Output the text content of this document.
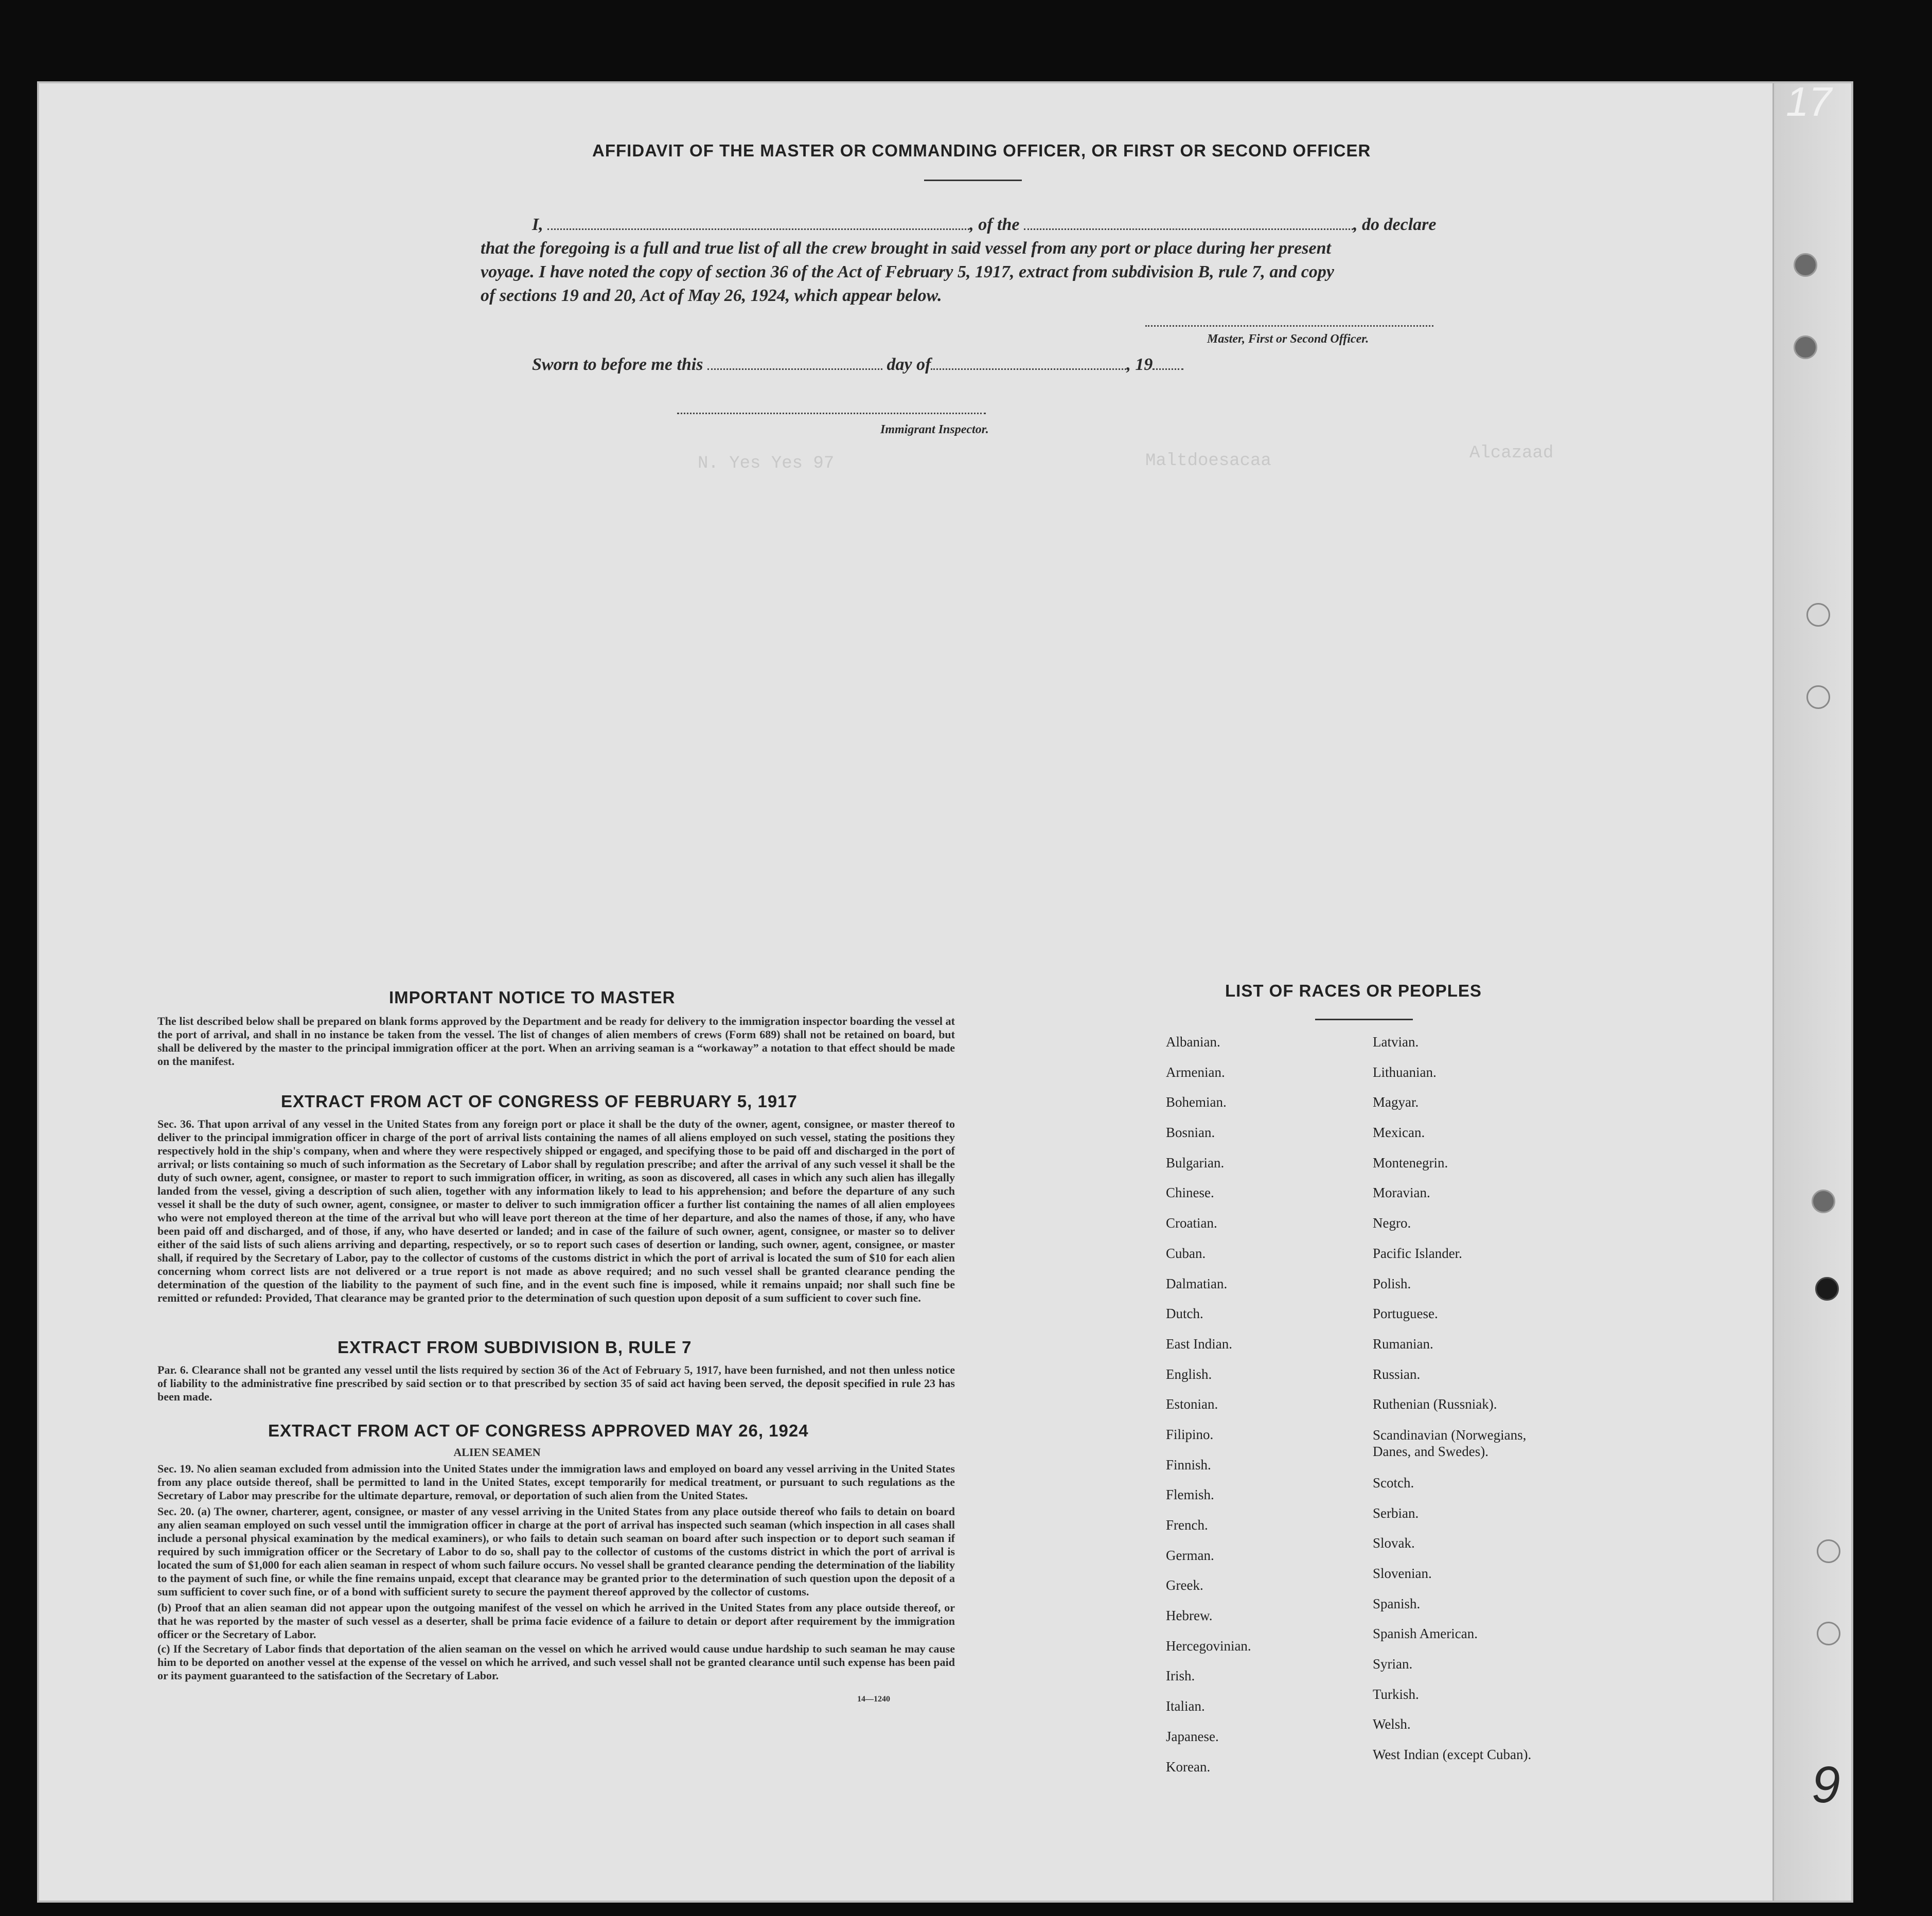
N. Yes Yes 97	Maltdoesacaa	Alcazaad
AFFIDAVIT OF THE MASTER OR COMMANDING OFFICER, OR FIRST OR SECOND OFFICER
I,	, of the	, do declare
that the foregoing is a full and true list of all the crew brought in said vessel from any port or place during her present
voyage. I have noted the copy of section 36 of the Act of February 5, 1917, extract from subdivision B, rule 7, and copy
of sections 19 and 20, Act of May 26, 1924, which appear below.
Master, First or Second Officer.
Sworn to before me this	day of	, 19
Immigrant Inspector.
IMPORTANT NOTICE TO MASTER
The list described below shall be prepared on blank forms approved by the Department and be ready for delivery to the immigration inspector boarding the vessel at the port of arrival, and shall in no instance be taken from the vessel. The list of changes of alien members of crews (Form 689) shall not be retained on board, but shall be delivered by the master to the principal immigration officer at the port. When an arriving seaman is a “workaway” a notation to that effect should be made on the manifest.
EXTRACT FROM ACT OF CONGRESS OF FEBRUARY 5, 1917
Sec. 36. That upon arrival of any vessel in the United States from any foreign port or place it shall be the duty of the owner, agent, consignee, or master thereof to deliver to the principal immigration officer in charge of the port of arrival lists containing the names of all aliens employed on such vessel, stating the positions they respectively hold in the ship's company, when and where they were respectively shipped or engaged, and specifying those to be paid off and discharged in the port of arrival; or lists containing so much of such information as the Secretary of Labor shall by regulation prescribe; and after the arrival of any such vessel it shall be the duty of such owner, agent, consignee, or master to report to such immigration officer, in writing, as soon as discovered, all cases in which any such alien has illegally landed from the vessel, giving a description of such alien, together with any information likely to lead to his apprehension; and before the departure of any such vessel it shall be the duty of such owner, agent, consignee, or master to deliver to such immigration officer a further list containing the names of all alien employees who were not employed thereon at the time of the arrival but who will leave port thereon at the time of her departure, and also the names of those, if any, who have been paid off and discharged, and of those, if any, who have deserted or landed; and in case of the failure of such owner, agent, consignee, or master so to deliver either of the said lists of such aliens arriving and departing, respectively, or so to report such cases of desertion or landing, such owner, agent, consignee, or master shall, if required by the Secretary of Labor, pay to the collector of customs of the customs district in which the port of arrival is located the sum of $10 for each alien concerning whom correct lists are not delivered or a true report is not made as above required; and no such vessel shall be granted clearance pending the determination of the question of the liability to the payment of such fine, and in the event such fine is imposed, while it remains unpaid; nor shall such fine be remitted or refunded: Provided, That clearance may be granted prior to the determination of such question upon deposit of a sum sufficient to cover such fine.
EXTRACT FROM SUBDIVISION B, RULE 7
Par. 6. Clearance shall not be granted any vessel until the lists required by section 36 of the Act of February 5, 1917, have been furnished, and not then unless notice of liability to the administrative fine prescribed by said section or to that prescribed by section 35 of said act having been served, the deposit specified in rule 23 has been made.
EXTRACT FROM ACT OF CONGRESS APPROVED MAY 26, 1924
ALIEN SEAMEN
Sec. 19. No alien seaman excluded from admission into the United States under the immigration laws and employed on board any vessel arriving in the United States from any place outside thereof, shall be permitted to land in the United States, except temporarily for medical treatment, or pursuant to such regulations as the Secretary of Labor may prescribe for the ultimate departure, removal, or deportation of such alien from the United States.
Sec. 20. (a) The owner, charterer, agent, consignee, or master of any vessel arriving in the United States from any place outside thereof who fails to detain on board any alien seaman employed on such vessel until the immigration officer in charge at the port of arrival has inspected such seaman (which inspection in all cases shall include a personal physical examination by the medical examiners), or who fails to detain such seaman on board after such inspection or to deport such seaman if required by such immigration officer or the Secretary of Labor to do so, shall pay to the collector of customs of the customs district in which the port of arrival is located the sum of $1,000 for each alien seaman in respect of whom such failure occurs. No vessel shall be granted clearance pending the determination of the liability to the payment of such fine, or while the fine remains unpaid, except that clearance may be granted prior to the determination of such question upon the deposit of a sum sufficient to cover such fine, or of a bond with sufficient surety to secure the payment thereof approved by the collector of customs.
(b) Proof that an alien seaman did not appear upon the outgoing manifest of the vessel on which he arrived in the United States from any place outside thereof, or that he was reported by the master of such vessel as a deserter, shall be prima facie evidence of a failure to detain or deport after requirement by the immigration officer or the Secretary of Labor.
(c) If the Secretary of Labor finds that deportation of the alien seaman on the vessel on which he arrived would cause undue hardship to such seaman he may cause him to be deported on another vessel at the expense of the vessel on which he arrived, and such vessel shall not be granted clearance until such expense has been paid or its payment guaranteed to the satisfaction of the Secretary of Labor.
14—1240
LIST OF RACES OR PEOPLES
Albanian.
Armenian.
Bohemian.
Bosnian.
Bulgarian.
Chinese.
Croatian.
Cuban.
Dalmatian.
Dutch.
East Indian.
English.
Estonian.
Filipino.
Finnish.
Flemish.
French.
German.
Greek.
Hebrew.
Hercegovinian.
Irish.
Italian.
Japanese.
Korean.
Latvian.
Lithuanian.
Magyar.
Mexican.
Montenegrin.
Moravian.
Negro.
Pacific Islander.
Polish.
Portuguese.
Rumanian.
Russian.
Ruthenian (Russniak).
Scandinavian (Norwegians, Danes, and Swedes).
Scotch.
Serbian.
Slovak.
Slovenian.
Spanish.
Spanish American.
Syrian.
Turkish.
Welsh.
West Indian (except Cuban).
17
9
